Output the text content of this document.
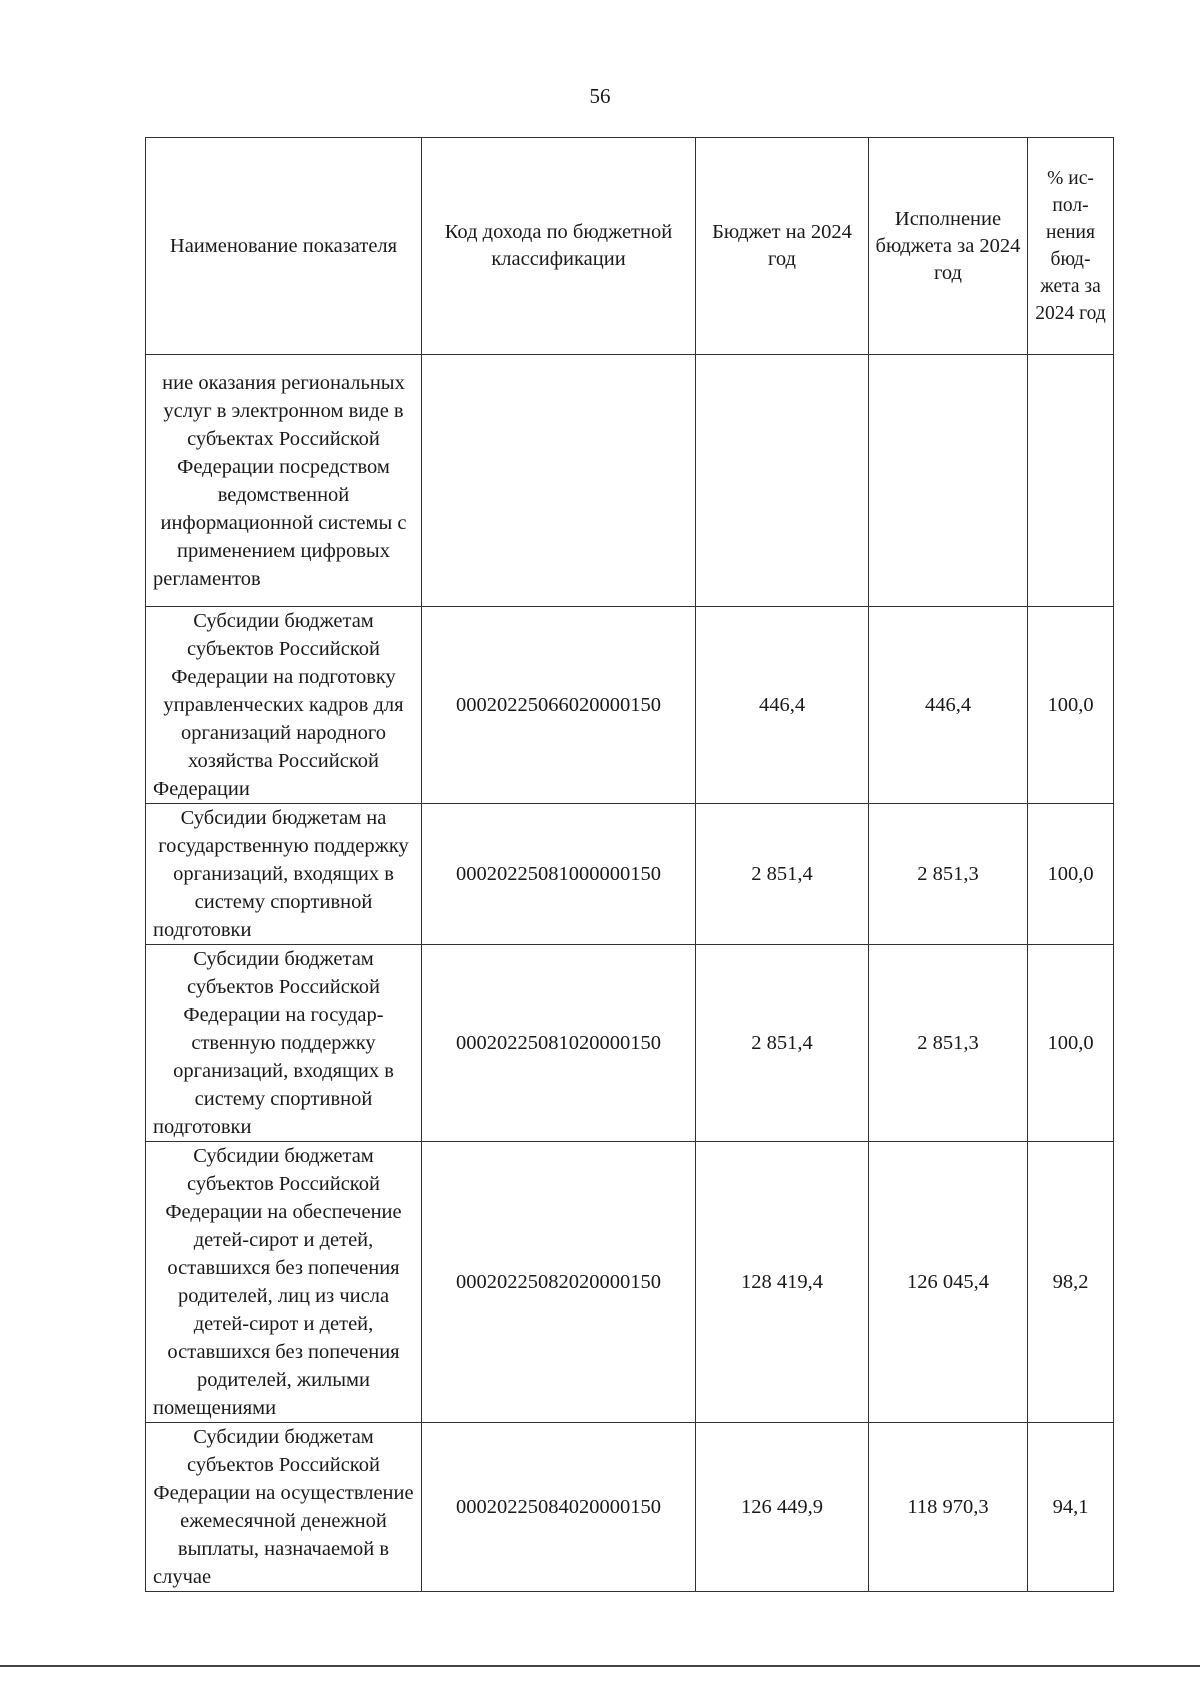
56
Наименование показателя	Код дохода по бюджетной классификации	Бюджет на 2024 год	Исполнение бюджета за 2024 год	% ис-пол-нения бюд-жета за 2024 год
ние оказания региональных услуг в электронном виде в субъектах Российской Федерации посредством ведомственной информационной системы с применением цифровых регламентов				
Субсидии бюджетам субъектов Российской Федерации на подготовку управленческих кадров для организаций народного хозяйства Российской Федерации	00020225066020000150	446,4	446,4	100,0
Субсидии бюджетам на государственную поддержку организаций, входящих в систему спортивной подготовки	00020225081000000150	2 851,4	2 851,3	100,0
Субсидии бюджетам субъектов Российской Федерации на государственную поддержку организаций, входящих в систему спортивной подготовки	00020225081020000150	2 851,4	2 851,3	100,0
Субсидии бюджетам субъектов Российской Федерации на обеспечение детей-сирот и детей, оставшихся без попечения родителей, лиц из числа детей-сирот и детей, оставшихся без попечения родителей, жилыми помещениями	00020225082020000150	128 419,4	126 045,4	98,2
Субсидии бюджетам субъектов Российской Федерации на осуществление ежемесячной денежной выплаты, назначаемой в случае	00020225084020000150	126 449,9	118 970,3	94,1
